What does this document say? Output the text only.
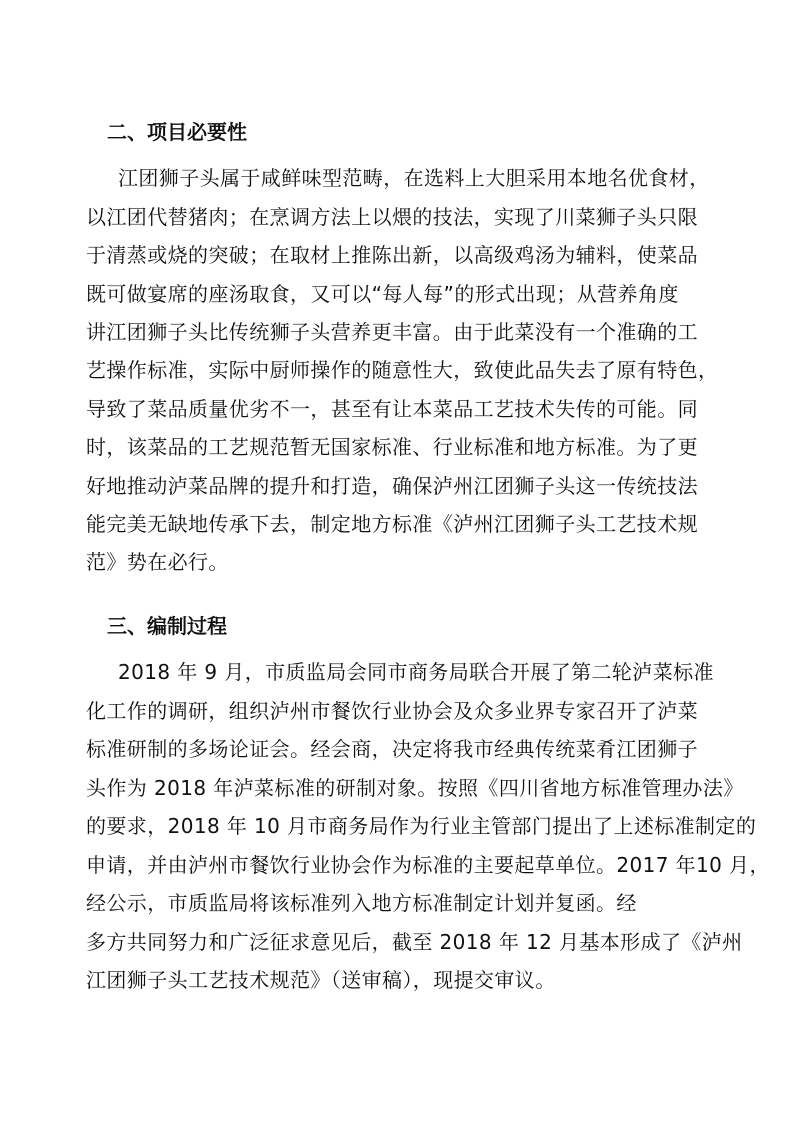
二、项目必要性
江团狮子头属于咸鲜味型范畴，在选料上大胆采用本地名优食材，
以江团代替猪肉；在烹调方法上以煨的技法，实现了川菜狮子头只限
于清蒸或烧的突破；在取材上推陈出新，以高级鸡汤为辅料，使菜品
既可做宴席的座汤取食，又可以“每人每”的形式出现；从营养角度
讲江团狮子头比传统狮子头营养更丰富。由于此菜没有一个准确的工
艺操作标准，实际中厨师操作的随意性大，致使此品失去了原有特色，
导致了菜品质量优劣不一，甚至有让本菜品工艺技术失传的可能。同
时，该菜品的工艺规范暂无国家标准、行业标准和地方标准。为了更
好地推动泸菜品牌的提升和打造，确保泸州江团狮子头这一传统技法
能完美无缺地传承下去，制定地方标准《泸州江团狮子头工艺技术规
范》势在必行。
三、编制过程
2018 年 9 月，市质监局会同市商务局联合开展了第二轮泸菜标准
化工作的调研，组织泸州市餐饮行业协会及众多业界专家召开了泸菜
标准研制的多场论证会。经会商，决定将我市经典传统菜肴江团狮子
头作为 2018 年泸菜标准的研制对象。按照《四川省地方标准管理办法》
的要求，2018 年 10 月市商务局作为行业主管部门提出了上述标准制定的
申请，并由泸州市餐饮行业协会作为标准的主要起草单位。2017 年10 月，
经公示，市质监局将该标准列入地方标准制定计划并复函。经
多方共同努力和广泛征求意见后，截至 2018 年 12 月基本形成了《泸州
江团狮子头工艺技术规范》（送审稿），现提交审议。
